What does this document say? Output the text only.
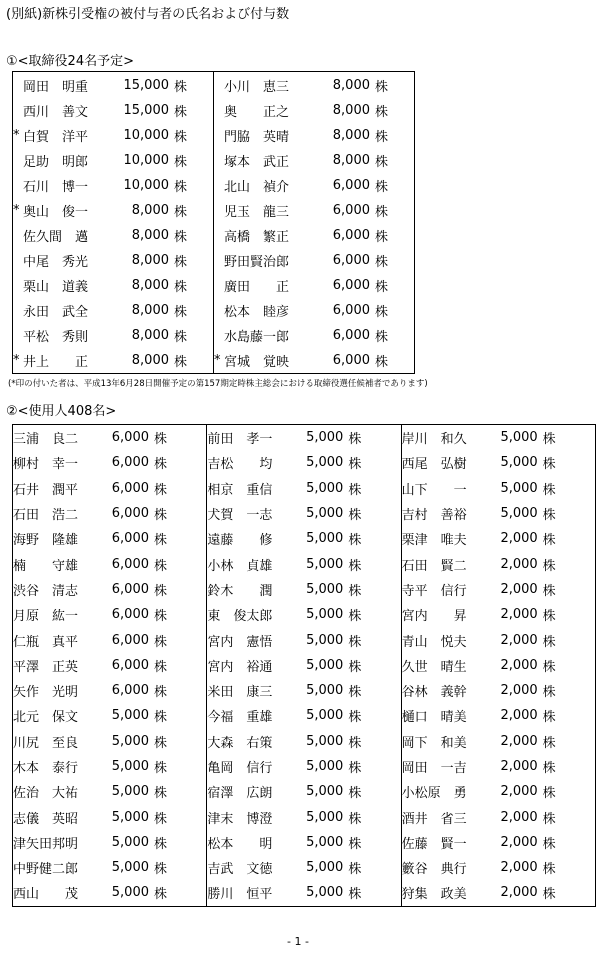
(別紙)新株引受権の被付与者の氏名および付与数
①<取締役24名予定>
岡田　明重	15,000 株
西川　善文	15,000 株
* 白賀　洋平	10,000 株
足助　明郎	10,000 株
石川　博一	10,000 株
* 奥山　俊一	8,000 株
佐久間　邁	8,000 株
中尾　秀光	8,000 株
栗山　道義	8,000 株
永田　武全	8,000 株
平松　秀則	8,000 株
* 井上　　正	8,000 株

小川　恵三	8,000 株
奥　　正之	8,000 株
門脇　英晴	8,000 株
塚本　武正	8,000 株
北山　禎介	6,000 株
児玉　龍三	6,000 株
高橋　繁正	6,000 株
野田賢治郎	6,000 株
廣田　　正	6,000 株
松本　睦彦	6,000 株
水島藤一郎	6,000 株
* 宮城　覚映	6,000 株
(*印の付いた者は、平成13年6月28日開催予定の第157期定時株主総会における取締役選任候補者であります)
②<使用人408名>
三浦　良二	6,000 株
柳村　幸一	6,000 株
石井　潤平	6,000 株
石田　浩二	6,000 株
海野　隆雄	6,000 株
楠　　守雄	6,000 株
渋谷　清志	6,000 株
月原　紘一	6,000 株
仁瓶　真平	6,000 株
平澤　正英	6,000 株
矢作　光明	6,000 株
北元　保文	5,000 株
川尻　至良	5,000 株
木本　泰行	5,000 株
佐治　大祐	5,000 株
志儀　英昭	5,000 株
津矢田邦明	5,000 株
中野健二郎	5,000 株
西山　　茂	5,000 株

前田　孝一	5,000 株
吉松　　均	5,000 株
相京　重信	5,000 株
犬賀　一志	5,000 株
遠藤　　修	5,000 株
小林　貞雄	5,000 株
鈴木　　潤	5,000 株
東　俊太郎	5,000 株
宮内　憲悟	5,000 株
宮内　裕通	5,000 株
米田　康三	5,000 株
今福　重雄	5,000 株
大森　右策	5,000 株
亀岡　信行	5,000 株
宿澤　広朗	5,000 株
津末　博澄	5,000 株
松本　　明	5,000 株
吉武　文徳	5,000 株
勝川　恒平	5,000 株

岸川　和久	5,000 株
西尾　弘樹	5,000 株
山下　　一	5,000 株
吉村　善裕	5,000 株
栗津　唯夫	2,000 株
石田　賢二	2,000 株
寺平　信行	2,000 株
宮内　　昇	2,000 株
青山　悦夫	2,000 株
久世　晴生	2,000 株
谷林　義幹	2,000 株
樋口　晴美	2,000 株
岡下　和美	2,000 株
岡田　一吉	2,000 株
小松原　勇	2,000 株
酒井　省三	2,000 株
佐藤　賢一	2,000 株
籔谷　典行	2,000 株
狩集　政美	2,000 株
- 1 -
